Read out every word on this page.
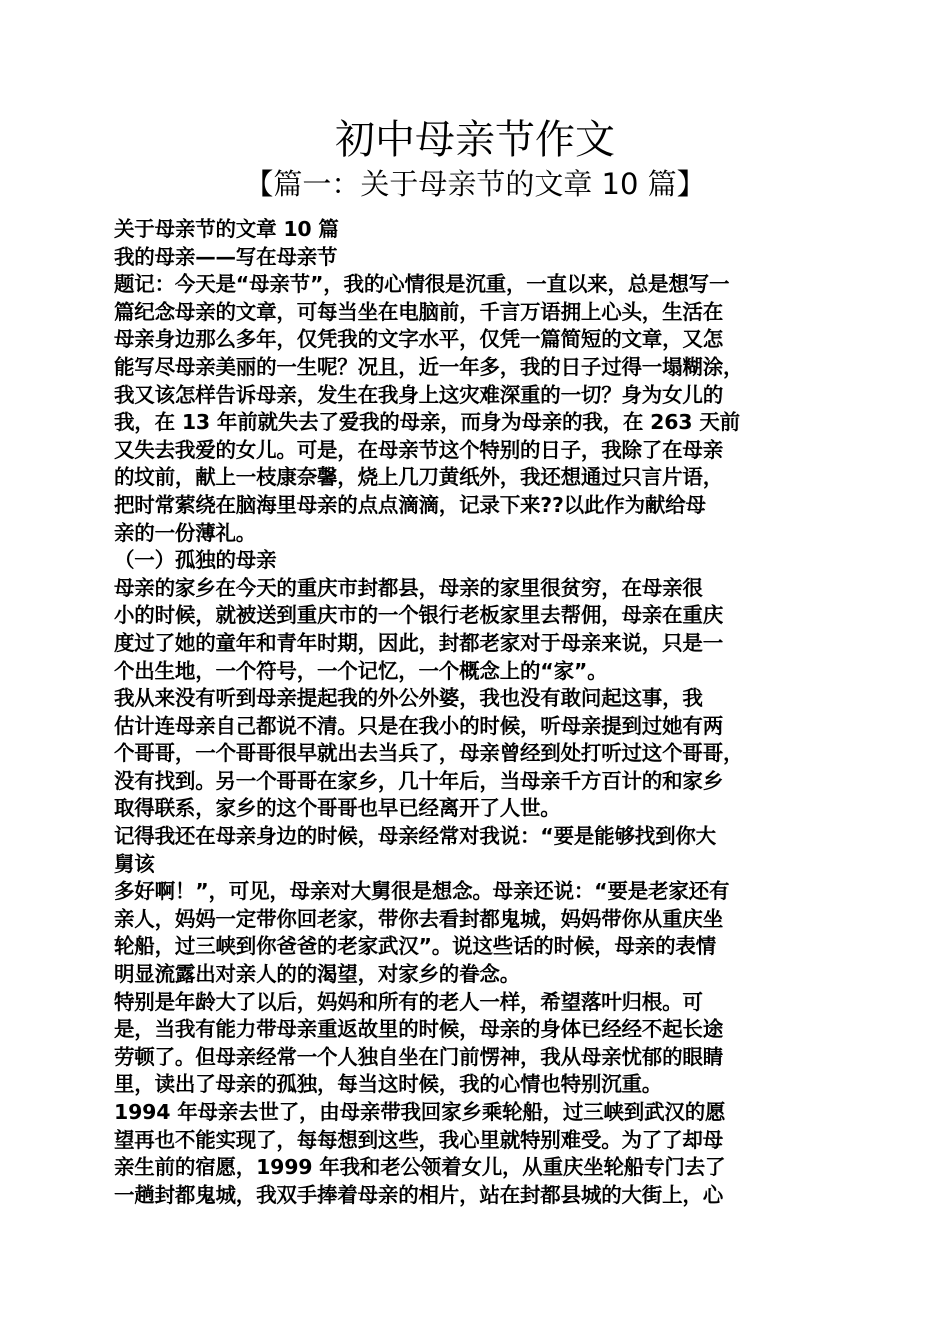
初中母亲节作文
【篇一：关于母亲节的文章 10 篇】
关于母亲节的文章 10 篇
我的母亲——写在母亲节
题记：今天是“母亲节”，我的心情很是沉重，一直以来，总是想写一
篇纪念母亲的文章，可每当坐在电脑前，千言万语拥上心头，生活在
母亲身边那么多年，仅凭我的文字水平，仅凭一篇简短的文章，又怎
能写尽母亲美丽的一生呢？况且，近一年多，我的日子过得一塌糊涂，
我又该怎样告诉母亲，发生在我身上这灾难深重的一切？身为女儿的
我，在 13 年前就失去了爱我的母亲，而身为母亲的我，在 263 天前
又失去我爱的女儿。可是，在母亲节这个特别的日子，我除了在母亲
的坟前，献上一枝康奈馨，烧上几刀黄纸外，我还想通过只言片语，
把时常萦绕在脑海里母亲的点点滴滴，记录下来??以此作为献给母
亲的一份薄礼。
（一）孤独的母亲
母亲的家乡在今天的重庆市封都县，母亲的家里很贫穷，在母亲很
小的时候，就被送到重庆市的一个银行老板家里去帮佣，母亲在重庆
度过了她的童年和青年时期，因此，封都老家对于母亲来说，只是一
个出生地，一个符号，一个记忆，一个概念上的“家”。
我从来没有听到母亲提起我的外公外婆，我也没有敢问起这事，我
估计连母亲自己都说不清。只是在我小的时候，听母亲提到过她有两
个哥哥，一个哥哥很早就出去当兵了，母亲曾经到处打听过这个哥哥，
没有找到。另一个哥哥在家乡，几十年后，当母亲千方百计的和家乡
取得联系，家乡的这个哥哥也早已经离开了人世。
记得我还在母亲身边的时候，母亲经常对我说：“要是能够找到你大
舅该
多好啊！”，可见，母亲对大舅很是想念。母亲还说：“要是老家还有
亲人，妈妈一定带你回老家，带你去看封都鬼城，妈妈带你从重庆坐
轮船，过三峡到你爸爸的老家武汉”。说这些话的时候，母亲的表情
明显流露出对亲人的的渴望，对家乡的眷念。
特别是年龄大了以后，妈妈和所有的老人一样，希望落叶归根。可
是，当我有能力带母亲重返故里的时候，母亲的身体已经经不起长途
劳顿了。但母亲经常一个人独自坐在门前愣神，我从母亲忧郁的眼睛
里，读出了母亲的孤独，每当这时候，我的心情也特别沉重。
1994 年母亲去世了，由母亲带我回家乡乘轮船，过三峡到武汉的愿
望再也不能实现了，每每想到这些，我心里就特别难受。为了了却母
亲生前的宿愿，1999 年我和老公领着女儿，从重庆坐轮船专门去了
一趟封都鬼城，我双手捧着母亲的相片，站在封都县城的大街上，心
